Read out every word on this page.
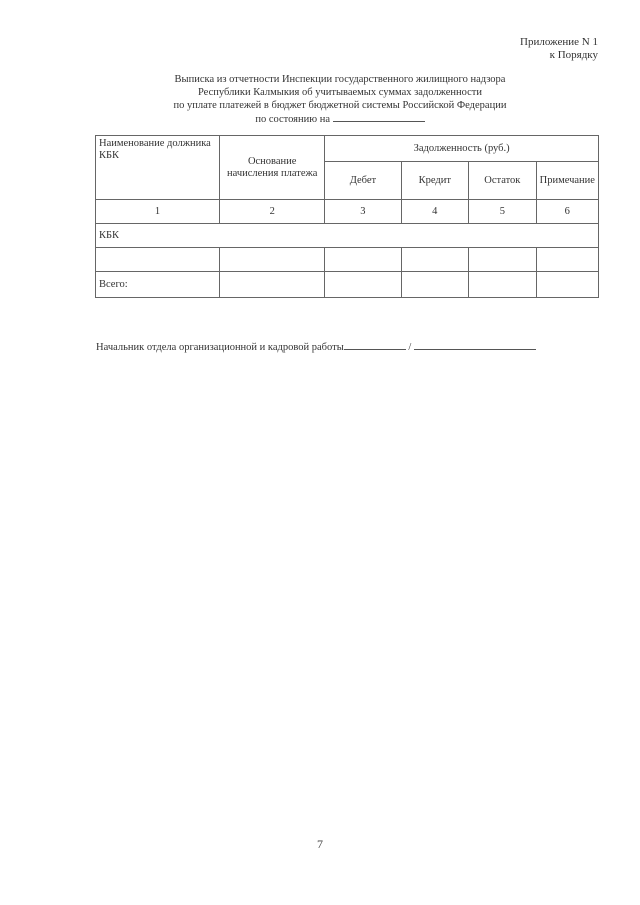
Приложение N 1
к Порядку
Выписка из отчетности Инспекции государственного жилищного надзора
Республики Калмыкия об учитываемых суммах задолженности
по уплате платежей в бюджет бюджетной системы Российской Федерации
по состоянию на
Наименование должника КБК	Основание начисления платежа	Задолженность (руб.)			
		Дебет	Кредит	Остаток	Примечание
1	2	3	4	5	6
КБК					

Всего:					
Начальник отдела организационной и кадровой работы	/
7
